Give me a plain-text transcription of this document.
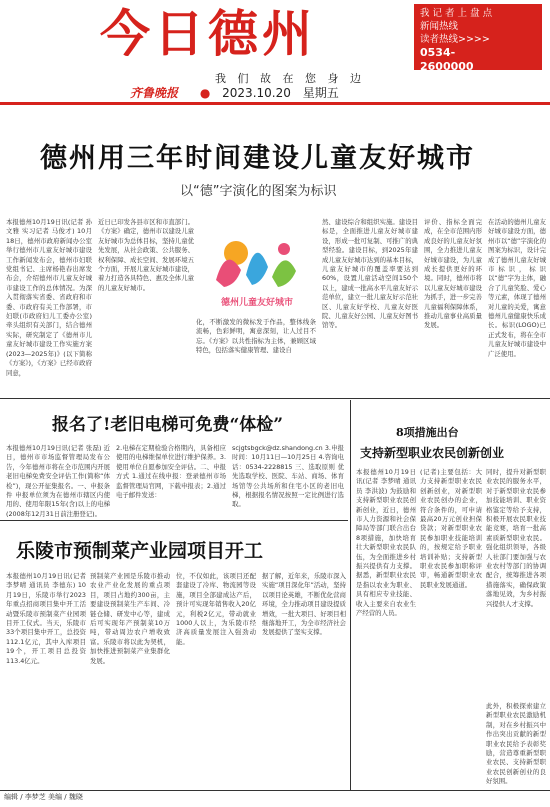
今日德州	我 记 者 上 盘 点
新闻热线
读者热线>>>>
0534-
2600000
我 们 故 在 您 身 边
齐鲁晚报 ● 2023.10.20 星期五
德州用三年时间建设儿童友好城市
以“德”字演化的图案为标识
本报德州10月19日讯(记者 孙文雅 实习记者 马俊才) 10月18日，德州市政府新闻办公室举行德州市儿童友好城市建设工作新闻发布会，德州市妇联党组书记、主席杨艳春出席发布会，介绍德州市儿童友好城市建设工作的总体情况。为深入贯彻落实省委、省政府和市委、市政府有关工作部署，市妇联(市政府妇儿工委办公室)牵头组织有关部门，结合德州实际，研究制定了《德州市儿童友好城市建设工作实施方案(2023—2025年)》(以下简称《方案》)，《方案》已经市政府同意，
近日已印发各县市区和市直部门。《方案》确定，德州市以建设儿童友好城市为总体目标，坚持儿童优先发展，从社会政策、公共服务、权利保障、成长空间、发展环境五个方面，开展儿童友好城市建设，着力打造各具特色、惠及全体儿童的儿童友好城市。
德州儿童友好城市
化，不断激发的微标发于作品，整体线条流畅，色彩鲜明，寓意深刻，让人过目不忘。《方案》以共性指标为主体，兼顾区域特色，包括落实健康管理、建设自
然、建设综合和组织实施。建设目标是，全面推进儿童友好城市建设，形成一批可复制、可推广的典型经验。建设目标，到2025年建成儿童友好城市达到的基本目标，儿童友好城市的覆盖率要达到60%，设置儿童活动空间150个以上，建成一批高水平儿童友好示范单位，建立一批儿童友好示范社区、儿童友好学校、儿童友好医院、儿童友好公园、儿童友好图书馆等。
评价、指标全面完成，在全市范围内形成良好的儿童友好氛围，全力推进儿童友好城市建设，为儿童成长提供更好的环境。同时，德州市将以儿童友好城市建设为抓手，进一步完善儿童福利保障体系，推动儿童事业高质量发展。
在活动的德州儿童友好城市建设方面，德州市以“德”字演化的图案为标识，设计完成了德州儿童友好城市标识，标识以“德”字为主体，融合了儿童笑脸、爱心等元素，体现了德州对儿童的关爱，寓意德州儿童健康快乐成长。标识(LOGO)已正式发布，将在全市儿童友好城市建设中广泛使用。
报名了!老旧电梯可免费“体检”
本报德州10月19日讯(记者 张磊) 近日，德州市市场监督管理局发布公告，今年德州市将在全市范围内开展老旧电梯免费安全评估工作(简称“体检”)，现公开征集报名。一、申报条件 申报单位须为在德州市辖区内使用的、使用年限15年(含)以上的电梯(2008年12月31日前注册登记)。
2.电梯在定期检验合格期内，具备相应使用的电梯维保单位进行维护保养。3.使用单位自愿参加安全评估。二、申报方式 1.通过在线申报：登录德州市场监督管理局官网，下载申报表；2.通过电子邮件发送：
scjgtsbgck@dz.shandong.cn 3.申报时间：10月11日—10月25日 4.咨询电话：0534-2228815 三、选取原则 优先选取学校、医院、车站、商场、体育场馆等公共场所和住宅小区的老旧电梯，根据报名情况按照一定比例进行选取。
8项措施出台
支持新型职业农民创新创业
本报德州10月19日讯(记者 李梦晴 通讯员 李洪波) 为鼓励和支持新型职业农民创新创业，近日，德州市人力资源和社会保障局等部门联合出台8项措施，加快培育壮大新型职业农民队伍，为全面推进乡村振兴提供有力支撑。据悉，新型职业农民是指以农业为职业、具有相应专业技能、收入主要来自农业生产经营的人员。
(记者)主要包括：大力支持新型职业农民创新创业，对新型职业农民创办的企业，符合条件的，可申请最高20万元创业担保贷款；对新型职业农民参加职业技能培训的，按规定给予职业培训补贴；支持新型职业农民参加职称评审，畅通新型职业农民职业发展通道。
同时，提升对新型职业农民的服务水平，对于新型职业农民参加技能培训、职业资格鉴定等给予支持，积极开展农民职业技能竞赛，培育一批高素质新型职业农民。强化组织领导，各级人社部门要加强与农业农村等部门的协调配合，统筹推进各项措施落实，确保政策落地见效，为乡村振兴提供人才支撑。
此外，积极探索建立新型职业农民激励机制，对在乡村振兴中作出突出贡献的新型职业农民给予表彰奖励，营造尊重新型职业农民、支持新型职业农民创新创业的良好氛围。
乐陵市预制菜产业园项目开工
本报德州10月19日讯(记者 李梦晴 通讯员 李德东) 10月19日，乐陵市举行2023年重点招商项目集中开工活动暨乐陵市预制菜产业园项目开工仪式。当天，乐陵市33个项目集中开工，总投资112.1亿元，其中入库项目19个，开工项目总投资113.4亿元。
预制菜产业园是乐陵市推动农业产业化发展的重点项目，项目占地约300亩，主要建设预制菜生产车间、冷链仓储、研发中心等，建成后可实现年产预制菜10万吨，带动周边农户增收致富。乐陵市将以此为契机，加快推进预制菜产业集群化发展。
位，不仅如此，该项目还配套建设了冷库、物流园等设施，项目全部建成达产后，预计可实现年销售收入20亿元，利税2亿元，带动就业1000人以上，为乐陵市经济高质量发展注入强劲动能。
据了解，近年来，乐陵市深入实施“项目深化年”活动，坚持以项目论英雄，不断优化营商环境，全力推动项目建设提质增效，一批大项目、好项目相继落地开工，为全市经济社会发展提供了坚实支撑。
编辑 / 李梦芝 美编 / 魏晓
